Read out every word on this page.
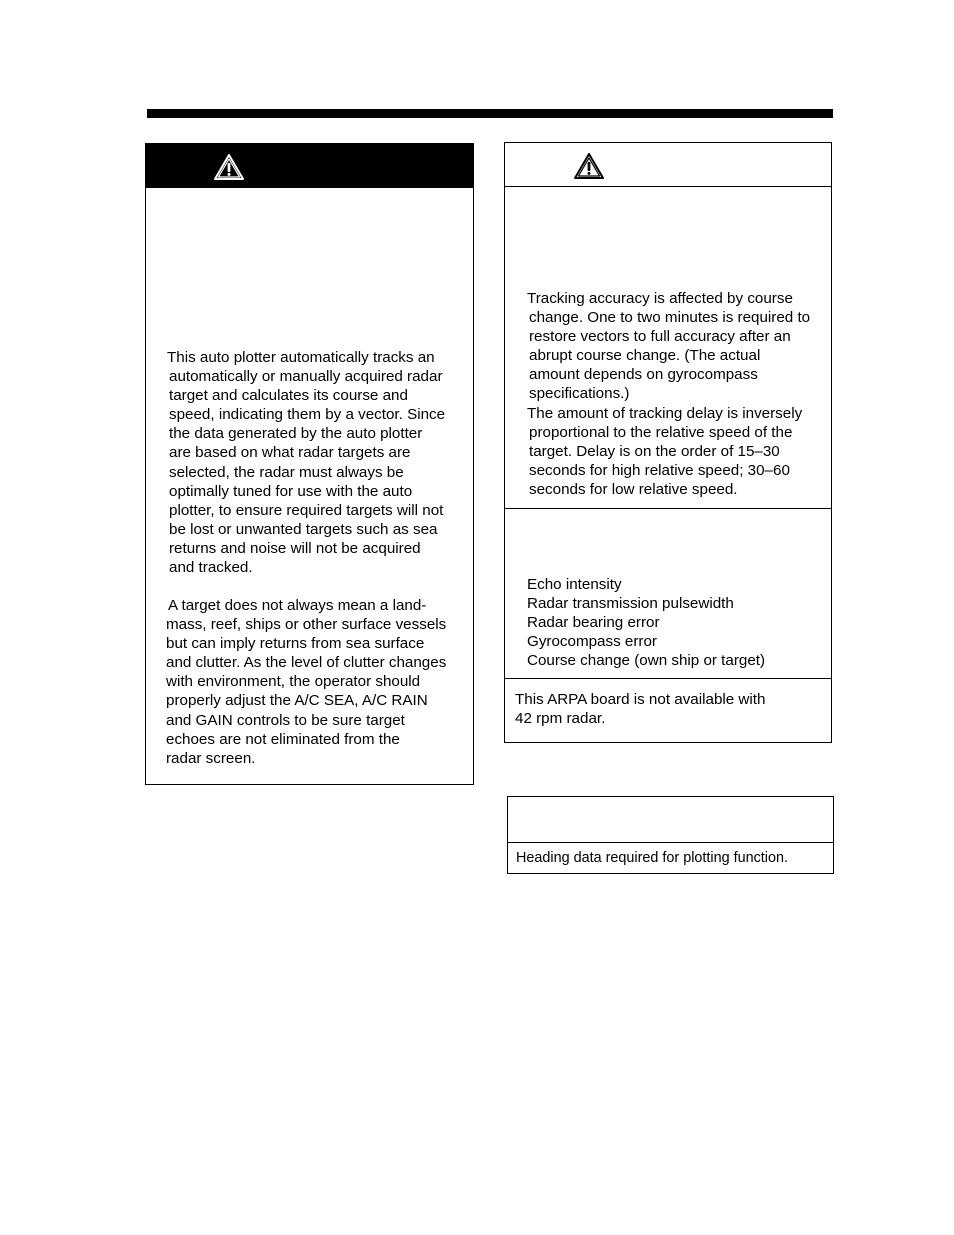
This auto plotter automatically tracks an
automatically or manually acquired radar
target and calculates its course and
speed, indicating them by a vector. Since
the data generated by the auto plotter
are based on what radar targets are
selected, the radar must always be
optimally tuned for use with the auto
plotter, to ensure required targets will not
be lost or unwanted targets such as sea
returns and noise will not be acquired
and tracked.
A target does not always mean a land-
mass, reef, ships or other surface vessels
but can imply returns from sea surface
and clutter. As the level of clutter changes
with environment, the operator should
properly adjust the A/C SEA, A/C RAIN
and GAIN controls to be sure target
echoes are not eliminated from the
radar screen.
Tracking accuracy is affected by course
change. One to two minutes is required to
restore vectors to full accuracy after an
abrupt course change. (The actual
amount depends on gyrocompass
specifications.)
The amount of tracking delay is inversely
proportional to the relative speed of the
target. Delay is on the order of 15–30
seconds for high relative speed; 30–60
seconds for low relative speed.
Echo intensity
Radar transmission pulsewidth
Radar bearing error
Gyrocompass error
Course change (own ship or target)
This ARPA board is not available with
42 rpm radar.
Heading data required for plotting function.
